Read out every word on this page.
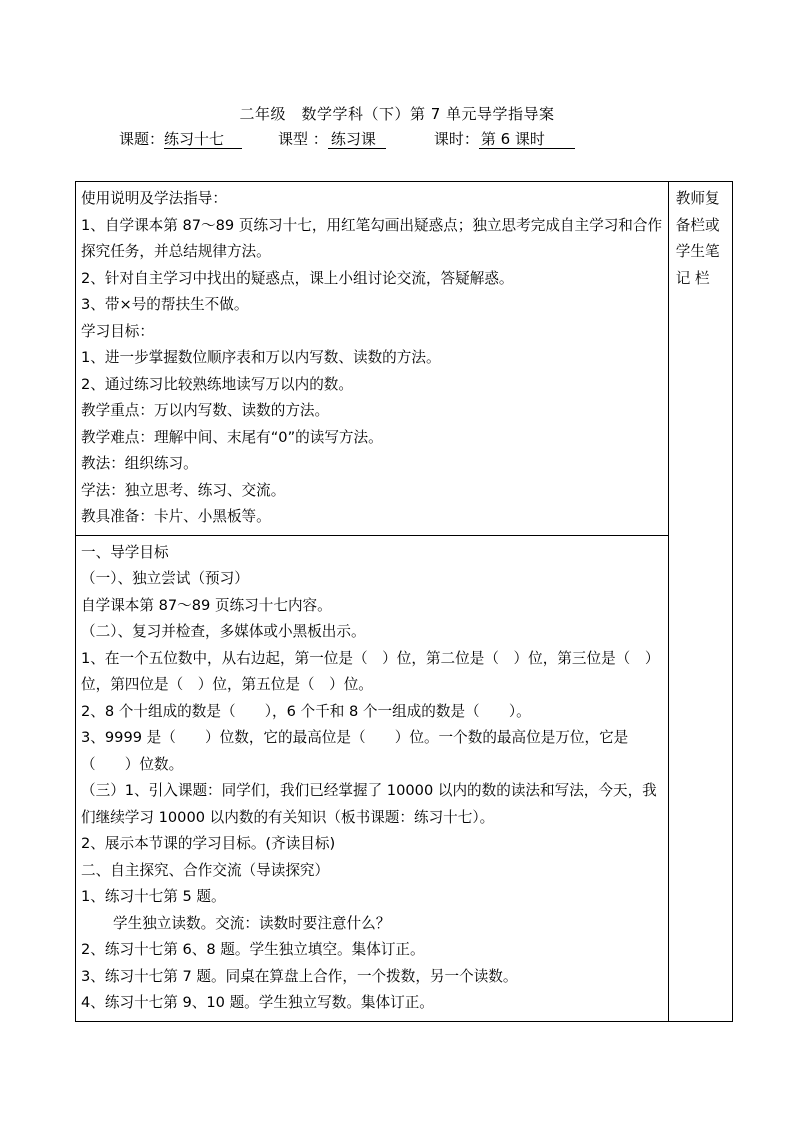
二年级　数学学科（下）第 7 单元导学指导案
课题：练习十七	课型 ： 练习课	课时： 第 6 课时
使用说明及学法指导：
1、自学课本第 87～89 页练习十七，用红笔勾画出疑惑点；独立思考完成自主学习和合作探究任务，并总结规律方法。
2、针对自主学习中找出的疑惑点，课上小组讨论交流，答疑解惑。
3、带×号的帮扶生不做。
学习目标：
1、进一步掌握数位顺序表和万以内写数、读数的方法。
2、通过练习比较熟练地读写万以内的数。
教学重点：万以内写数、读数的方法。
教学难点：理解中间、末尾有“0”的读写方法。
教法：组织练习。
学法：独立思考、练习、交流。
教具准备：卡片、小黑板等。

教师复
备栏或
学生笔
记 栏

一、导学目标
（一）、独立尝试（预习）
自学课本第 87～89 页练习十七内容。
（二）、复习并检查，多媒体或小黑板出示。
1、在一个五位数中，从右边起，第一位是（　）位，第二位是（　）位，第三位是（　）位，第四位是（　）位，第五位是（　）位。
2、8 个十组成的数是（　　），6 个千和 8 个一组成的数是（　　）。
3、9999 是（　　）位数，它的最高位是（　　）位。一个数的最高位是万位，它是（　　）位数。
（三）1、引入课题：同学们，我们已经掌握了 10000 以内的数的读法和写法，今天，我们继续学习 10000 以内数的有关知识（板书课题：练习十七）。
2、展示本节课的学习目标。(齐读目标)
二、自主探究、合作交流（导读探究）
1、练习十七第 5 题。
学生独立读数。交流：读数时要注意什么？
2、练习十七第 6、8 题。学生独立填空。集体订正。
3、练习十七第 7 题。同桌在算盘上合作，一个拨数，另一个读数。
4、练习十七第 9、10 题。学生独立写数。集体订正。
